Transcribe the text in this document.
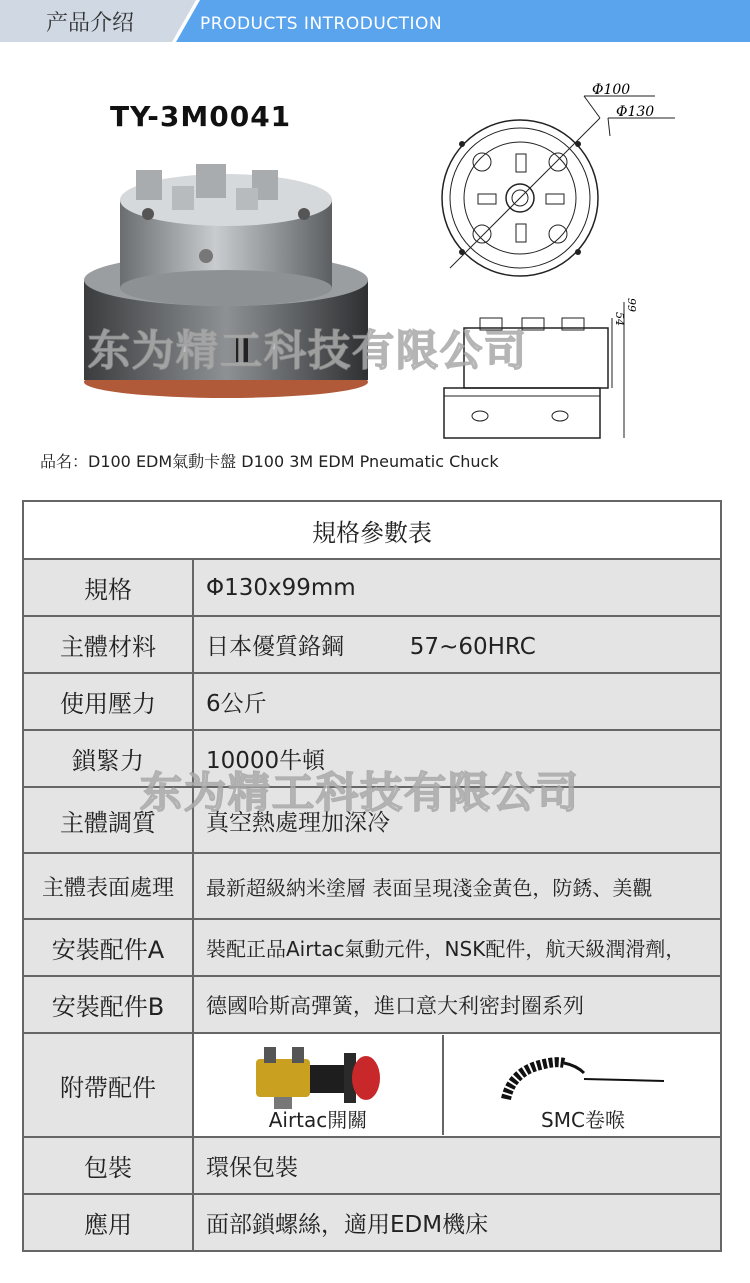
产品介绍	PRODUCTS INTRODUCTION
TY-3M0041
Φ100
Φ130
54
99
东为精工科技有限公司
品名：D100 EDM氣動卡盤 D100 3M EDM Pneumatic Chuck
規格參數表	
規格	Φ130x99mm
主體材料	日本優質鉻鋼         57~60HRC
使用壓力	6公斤
鎖緊力	10000牛頓
主體調質	真空熱處理加深冷
主體表面處理	最新超級納米塗層 表面呈現淺金黃色，防銹、美觀
安裝配件A	裝配正品Airtac氣動元件，NSK配件，航天級潤滑劑，
安裝配件B	德國哈斯高彈簧，進口意大利密封圈系列
附帶配件	Airtac開關 SMC卷喉

包裝	環保包裝
應用	面部鎖螺絲，適用EDM機床
东为精工科技有限公司
